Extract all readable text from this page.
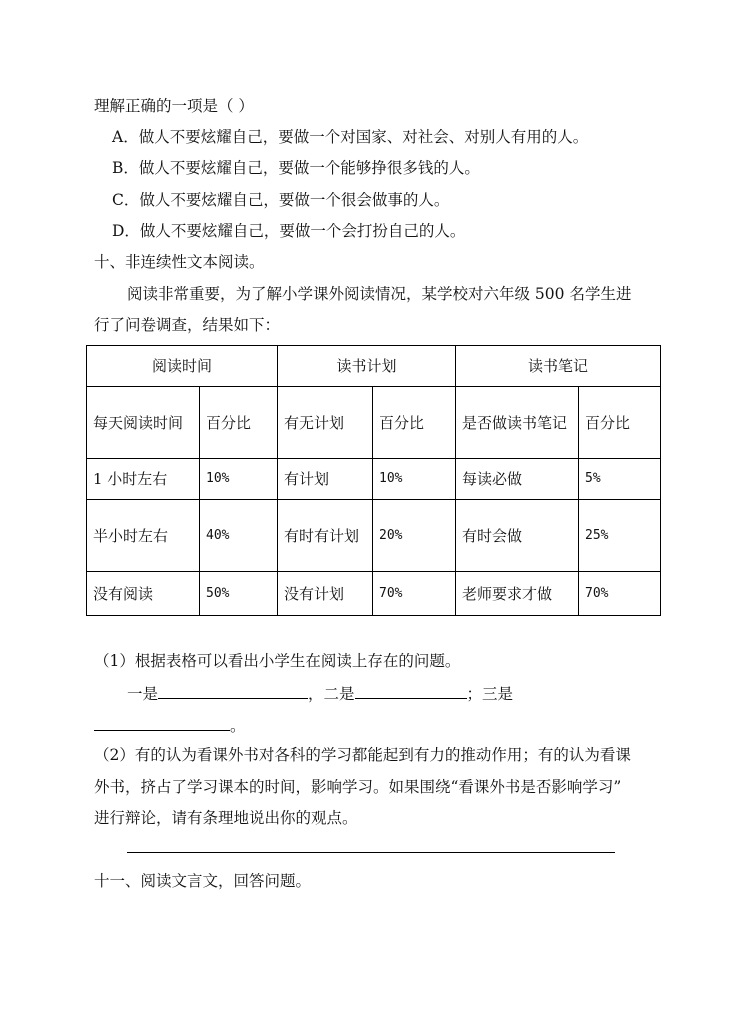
理解正确的一项是（ ）
A．做人不要炫耀自己，要做一个对国家、对社会、对别人有用的人。
B．做人不要炫耀自己，要做一个能够挣很多钱的人。
C．做人不要炫耀自己，要做一个很会做事的人。
D．做人不要炫耀自己，要做一个会打扮自己的人。
十、非连续性文本阅读。
阅读非常重要，为了解小学课外阅读情况，某学校对六年级 500 名学生进
行了问卷调查，结果如下：
阅读时间		读书计划		读书笔记	
每天阅读时间	百分比	有无计划	百分比	是否做读书笔记	百分比
1 小时左右	10%	有计划	10%	每读必做	5%
半小时左右	40%	有时有计划	20%	有时会做	25%
没有阅读	50%	没有计划	70%	老师要求才做	70%
（1）根据表格可以看出小学生在阅读上存在的问题。
一是	，二是	；三是
。
（2）有的认为看课外书对各科的学习都能起到有力的推动作用；有的认为看课
外书，挤占了学习课本的时间，影响学习。如果围绕“看课外书是否影响学习”
进行辩论，请有条理地说出你的观点。
十一、阅读文言文，回答问题。
